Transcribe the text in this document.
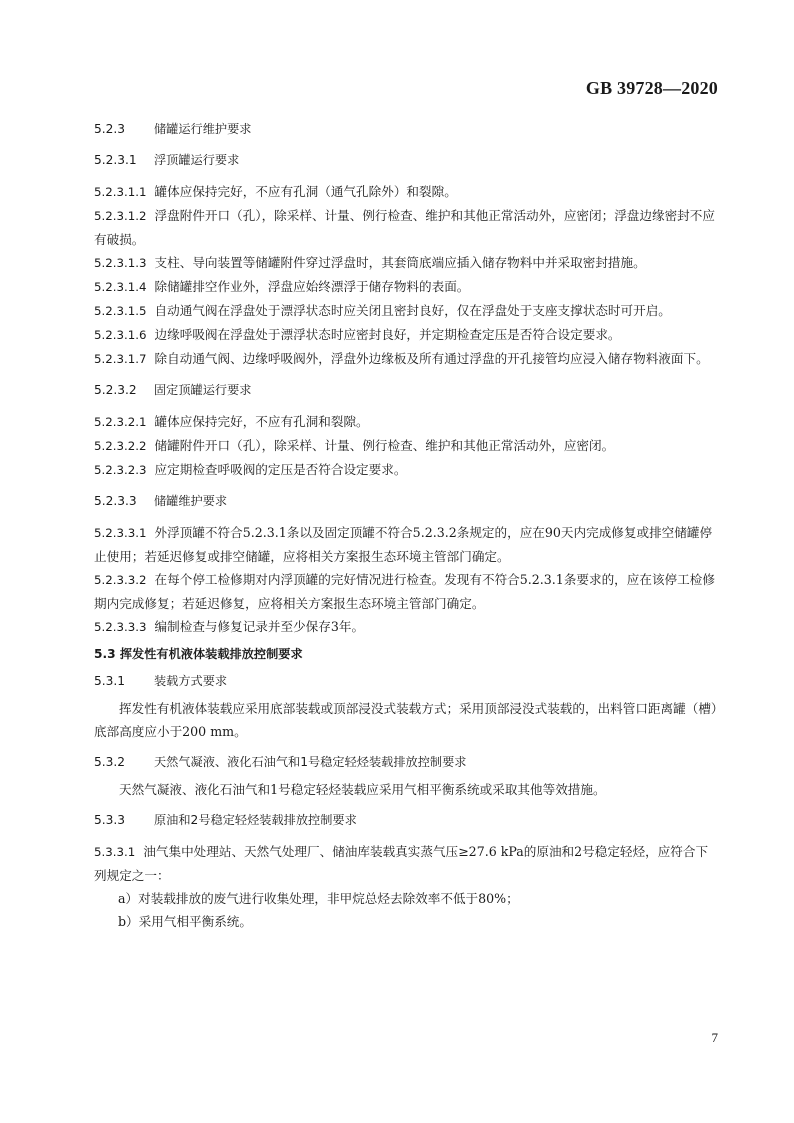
GB 39728—2020
5.2.3 储罐运行维护要求
5.2.3.1 浮顶罐运行要求
5.2.3.1.1 罐体应保持完好，不应有孔洞（通气孔除外）和裂隙。
5.2.3.1.2 浮盘附件开口（孔），除采样、计量、例行检查、维护和其他正常活动外，应密闭；浮盘边缘密封不应有破损。
5.2.3.1.3 支柱、导向装置等储罐附件穿过浮盘时，其套筒底端应插入储存物料中并采取密封措施。
5.2.3.1.4 除储罐排空作业外，浮盘应始终漂浮于储存物料的表面。
5.2.3.1.5 自动通气阀在浮盘处于漂浮状态时应关闭且密封良好，仅在浮盘处于支座支撑状态时可开启。
5.2.3.1.6 边缘呼吸阀在浮盘处于漂浮状态时应密封良好，并定期检查定压是否符合设定要求。
5.2.3.1.7 除自动通气阀、边缘呼吸阀外，浮盘外边缘板及所有通过浮盘的开孔接管均应浸入储存物料液面下。
5.2.3.2 固定顶罐运行要求
5.2.3.2.1 罐体应保持完好，不应有孔洞和裂隙。
5.2.3.2.2 储罐附件开口（孔），除采样、计量、例行检查、维护和其他正常活动外，应密闭。
5.2.3.2.3 应定期检查呼吸阀的定压是否符合设定要求。
5.2.3.3 储罐维护要求
5.2.3.3.1 外浮顶罐不符合5.2.3.1条以及固定顶罐不符合5.2.3.2条规定的，应在90天内完成修复或排空储罐停止使用；若延迟修复或排空储罐，应将相关方案报生态环境主管部门确定。
5.2.3.3.2 在每个停工检修期对内浮顶罐的完好情况进行检查。发现有不符合5.2.3.1条要求的，应在该停工检修期内完成修复；若延迟修复，应将相关方案报生态环境主管部门确定。
5.2.3.3.3 编制检查与修复记录并至少保存3年。
5.3 挥发性有机液体装载排放控制要求
5.3.1 装载方式要求
挥发性有机液体装载应采用底部装载或顶部浸没式装载方式；采用顶部浸没式装载的，出料管口距离罐（槽）底部高度应小于200 mm。
5.3.2 天然气凝液、液化石油气和1号稳定轻烃装载排放控制要求
天然气凝液、液化石油气和1号稳定轻烃装载应采用气相平衡系统或采取其他等效措施。
5.3.3 原油和2号稳定轻烃装载排放控制要求
5.3.3.1 油气集中处理站、天然气处理厂、储油库装载真实蒸气压≥27.6 kPa的原油和2号稳定轻烃，应符合下列规定之一：
a）对装载排放的废气进行收集处理，非甲烷总烃去除效率不低于80%；
b）采用气相平衡系统。
7
